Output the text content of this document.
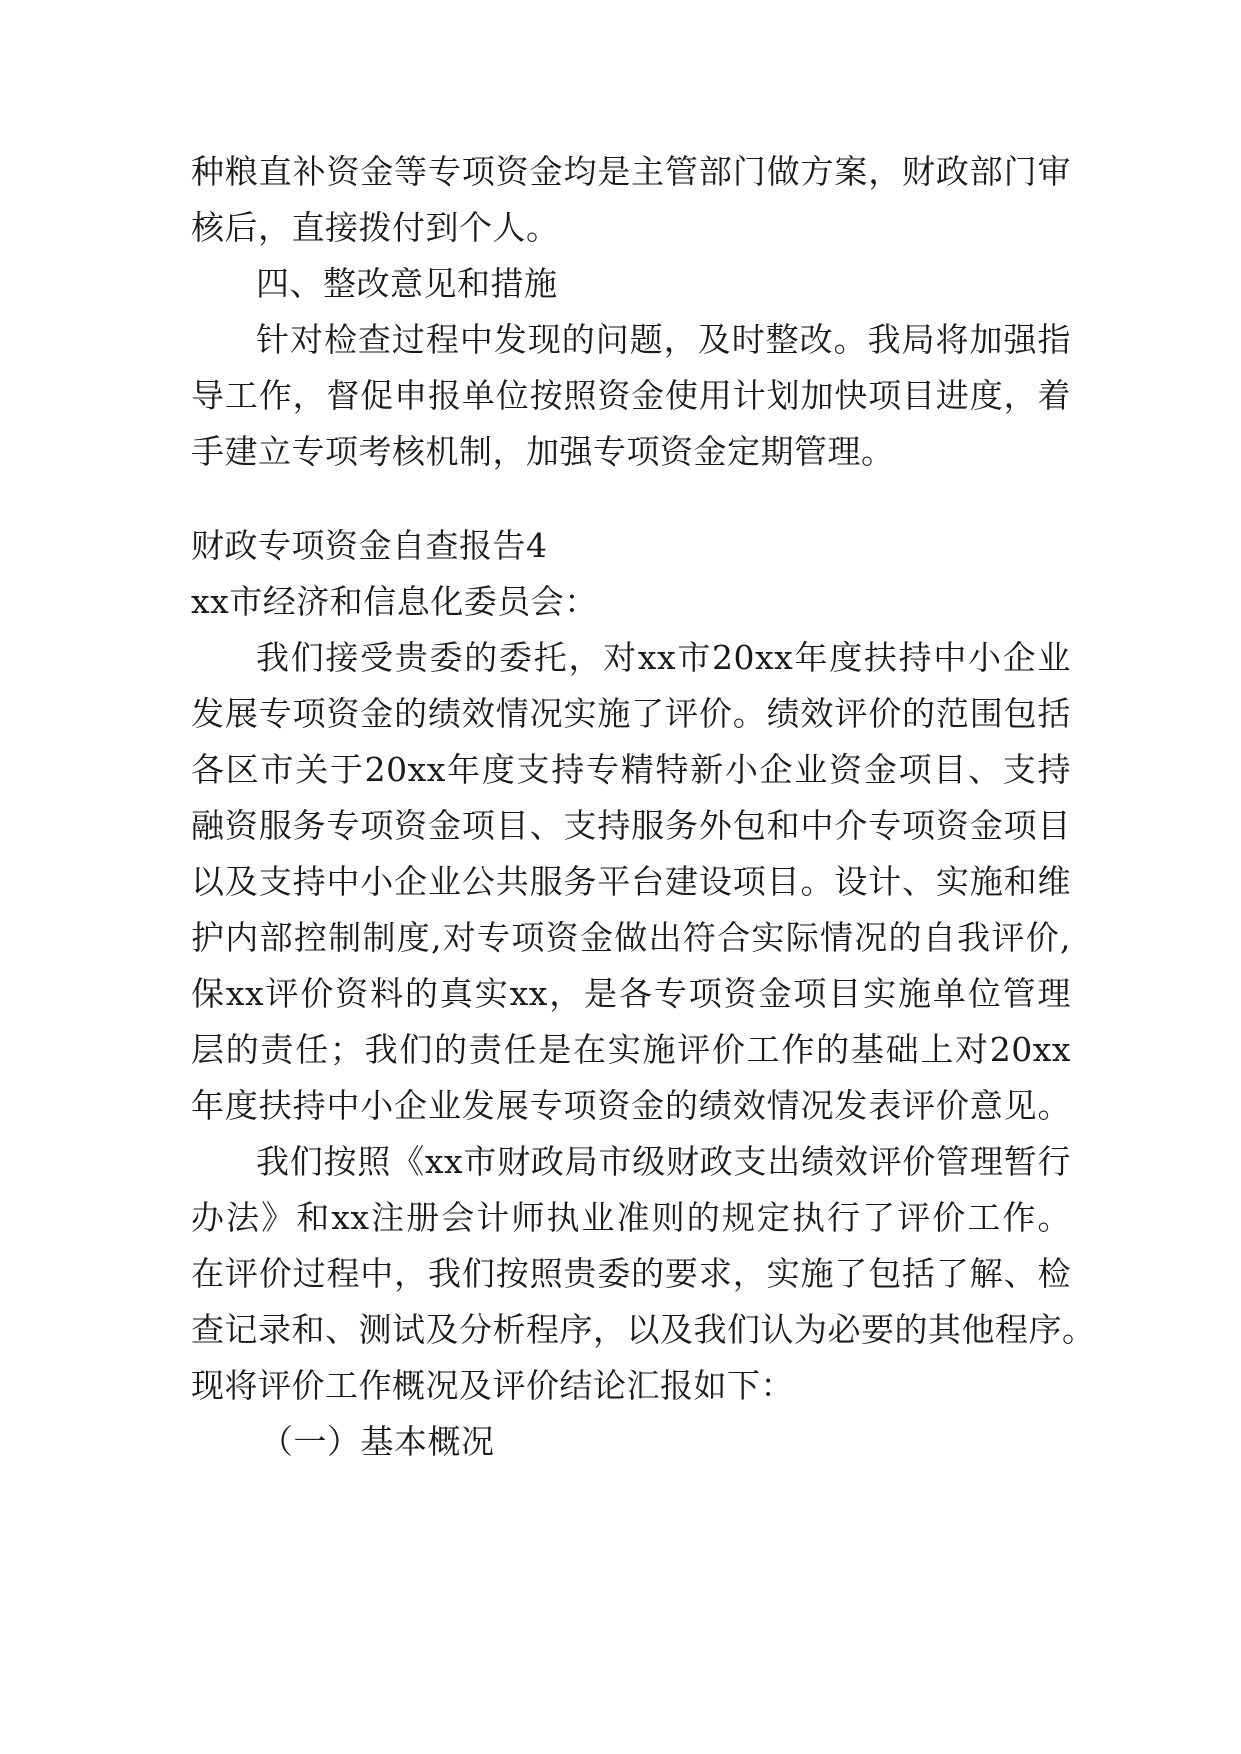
种粮直补资金等专项资金均是主管部门做方案，财政部门审
核后，直接拨付到个人。
四、整改意见和措施
针对检查过程中发现的问题，及时整改。我局将加强指
导工作，督促申报单位按照资金使用计划加快项目进度，着
手建立专项考核机制，加强专项资金定期管理。
财政专项资金自查报告4
xx市经济和信息化委员会：
我们接受贵委的委托，对xx市20xx年度扶持中小企业
发展专项资金的绩效情况实施了评价。绩效评价的范围包括
各区市关于20xx年度支持专精特新小企业资金项目、支持
融资服务专项资金项目、支持服务外包和中介专项资金项目
以及支持中小企业公共服务平台建设项目。设计、实施和维
护内部控制制度,对专项资金做出符合实际情况的自我评价,
保xx评价资料的真实xx，是各专项资金项目实施单位管理
层的责任；我们的责任是在实施评价工作的基础上对20xx
年度扶持中小企业发展专项资金的绩效情况发表评价意见。
我们按照《xx市财政局市级财政支出绩效评价管理暂行
办法》和xx注册会计师执业准则的规定执行了评价工作。
在评价过程中，我们按照贵委的要求，实施了包括了解、检
查记录和、测试及分析程序，以及我们认为必要的其他程序。
现将评价工作概况及评价结论汇报如下：
（一）基本概况
